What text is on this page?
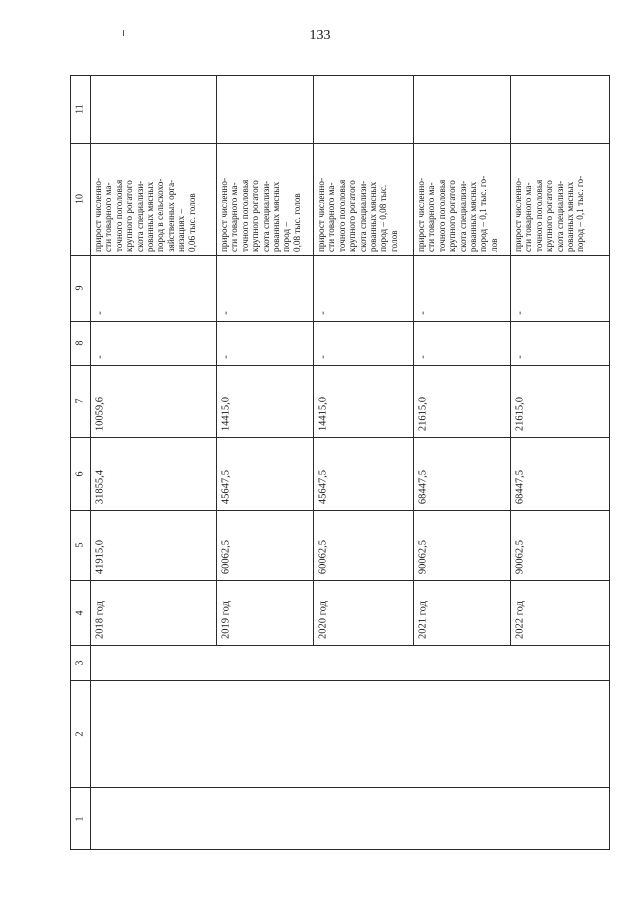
133
1
2
3
4
5
6
7
8
9
10
11
2018 год
41915,0
31855,4
10059,6
-
-
прирост численно- сти товарного ма- точного поголовья крупного рогатого скота специализи- рованных мясных пород в сельскохо- зяйственных орга- низациях – 0,06 тыс. голов
2019 год
60062,5
45647,5
14415,0
-
-
прирост численно- сти товарного ма- точного поголовья крупного рогатого скота специализи- рованных мясных пород – 0,08 тыс. голов
2020 год
60062,5
45647,5
14415,0
-
-
прирост численно- сти товарного ма- точного поголовья крупного рогатого скота специализи- рованных мясных пород – 0,08 тыс. голов
2021 год
90062,5
68447,5
21615,0
-
-
прирост численно- сти товарного ма- точного поголовья крупного рогатого скота специализи- рованных мясных пород – 0,1 тыс. го- лов
2022 год
90062,5
68447,5
21615,0
-
-
прирост численно- сти товарного ма- точного поголовья крупного рогатого скота специализи- рованных мясных пород – 0,1 тыс. го-
